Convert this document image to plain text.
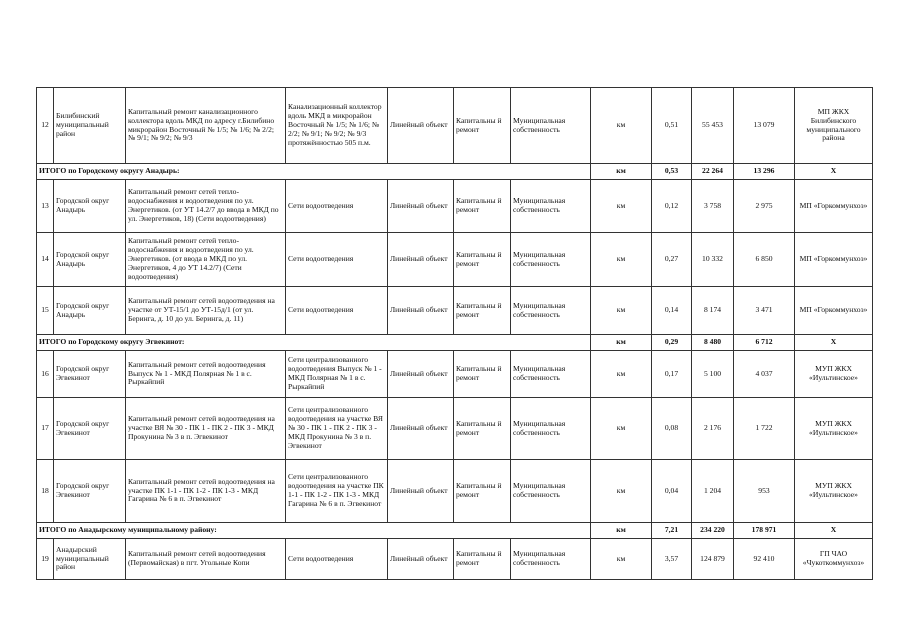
12	Билибинский муниципальный район	Капитальный ремонт канализационного коллектора вдоль МКД по адресу г.Билибино микрорайон Восточный № 1/5; № 1/6; № 2/2; № 9/1; № 9/2; № 9/3	Канализационный коллектор вдоль МКД в микрорайон Восточный № 1/5; № 1/6; № 2/2; № 9/1; № 9/2; № 9/3 протяжённостью 505 п.м.	Линейный объект	Капитальны й ремонт	Муниципальная собственность	км	0,51	55 453	13 079	МП ЖКХ Билибинского муниципального района
ИТОГО по Городскому округу Анадырь:							км	0,53	22 264	13 296	X
13	Городской округ Анадырь	Капитальный ремонт сетей тепло-водоснабжения и водоотведения по ул. Энергетиков. (от УТ 14.2/7 до ввода в МКД по ул. Энергетиков, 18) (Сети водоотведения)	Сети водоотведения	Линейный объект	Капитальны й ремонт	Муниципальная собственность	км	0,12	3 758	2 975	МП «Горкоммунхоз»
14	Городской округ Анадырь	Капитальный ремонт сетей тепло-водоснабжения и водоотведения по ул. Энергетиков. (от ввода в МКД по ул. Энергетиков, 4 до УТ 14.2/7) (Сети водоотведения)	Сети водоотведения	Линейный объект	Капитальны й ремонт	Муниципальная собственность	км	0,27	10 332	6 850	МП «Горкоммунхоз»
15	Городской округ Анадырь	Капитальный ремонт сетей водоотведения на участке от УТ-15/1 до УТ-15д/1 (от ул. Беринга, д. 10 до ул. Беринга, д. 11)	Сети водоотведения	Линейный объект	Капитальны й ремонт	Муниципальная собственность	км	0,14	8 174	3 471	МП «Горкоммунхоз»
ИТОГО по Городскому округу Эгвекинот:							км	0,29	8 480	6 712	X
16	Городской округ Эгвекинот	Капитальный ремонт сетей водоотведения Выпуск № 1 - МКД Полярная № 1 в с. Рыркайпий	Сети централизованного водоотведения Выпуск № 1 - МКД Полярная № 1 в с. Рыркайпий	Линейный объект	Капитальны й ремонт	Муниципальная собственность	км	0,17	5 100	4 037	МУП ЖКХ «Иультинское»
17	Городской округ Эгвекинот	Капитальный ремонт сетей водоотведения на участке ВЯ № 30 - ПК 1 - ПК 2 - ПК 3 - МКД Прокунина № 3 в п. Эгвекинот	Сети централизованного водоотведения на участке ВЯ № 30 - ПК 1 - ПК 2 - ПК 3 - МКД Прокунина № 3 в п. Эгвекинот	Линейный объект	Капитальны й ремонт	Муниципальная собственность	км	0,08	2 176	1 722	МУП ЖКХ «Иультинское»
18	Городской округ Эгвекинот	Капитальный ремонт сетей водоотведения на участке ПК 1-1 - ПК 1-2 - ПК 1-3 - МКД Гагарина № 6 в п. Эгвекинот	Сети централизованного водоотведения на участке ПК 1-1 - ПК 1-2 - ПК 1-3 - МКД Гагарина № 6 в п. Эгвекинот	Линейный объект	Капитальны й ремонт	Муниципальная собственность	км	0,04	1 204	953	МУП ЖКХ «Иультинское»
ИТОГО по Анадырскому муниципальному району:							км	7,21	234 220	178 971	X
19	Анадырский муниципальный район	Капитальный ремонт сетей водоотведения (Первомайская) в пгт. Угольные Копи	Сети водоотведения	Линейный объект	Капитальны й ремонт	Муниципальная собственность	км	3,57	124 879	92 410	ГП ЧАО «Чукоткоммунхоз»
